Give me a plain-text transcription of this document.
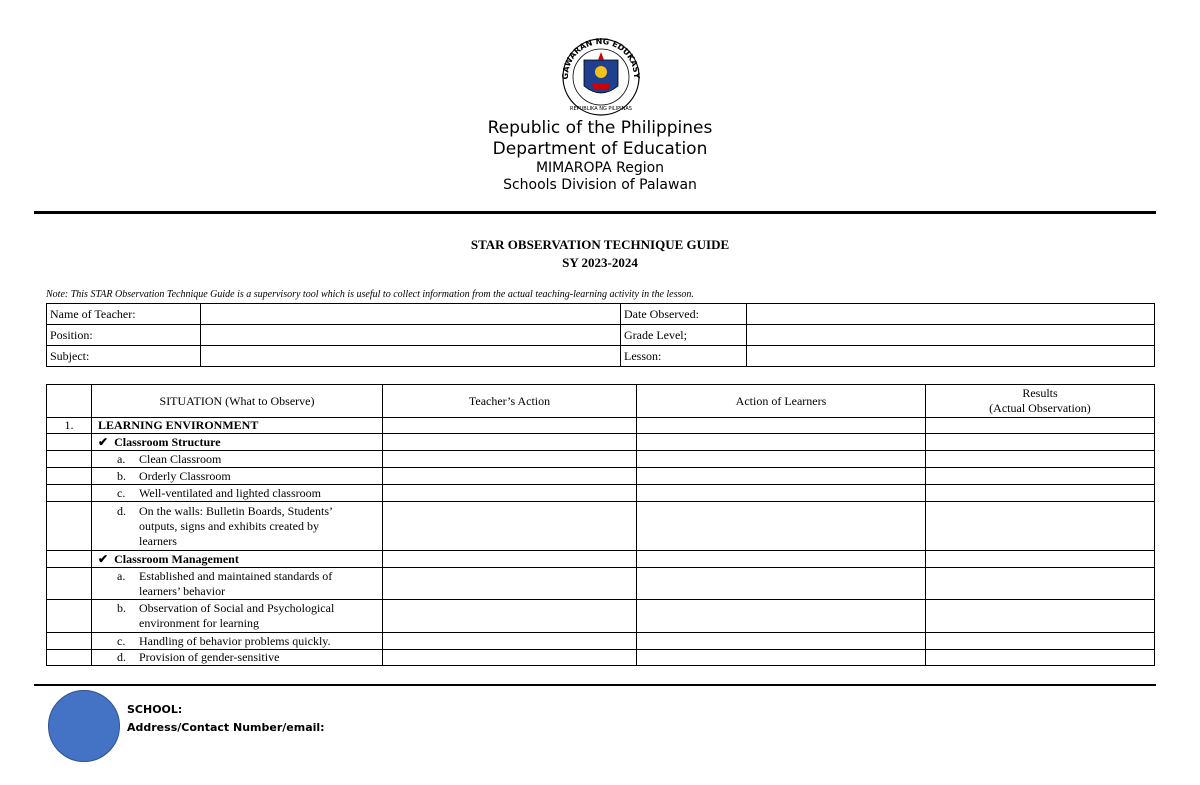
GAWARAN NG EDUKASY
REPUBLIKA NG PILIPINAS
Republic of the Philippines
Department of Education
MIMAROPA Region
Schools Division of Palawan
STAR OBSERVATION TECHNIQUE GUIDE
SY 2023-2024
Note: This STAR Observation Technique Guide is a supervisory tool which is useful to collect information from the actual teaching-learning activity in the lesson.
Name of Teacher:		Date Observed:	
Position:		Grade Level;	
Subject:		Lesson:	
	SITUATION (What to Observe)	Teacher’s Action	Action of Learners	Results
(Actual Observation)

1.	LEARNING ENVIRONMENT			
	✔ Classroom Structure			
	a. Clean Classroom			
	b. Orderly Classroom			
	c. Well-ventilated and lighted classroom			
	d. On the walls: Bulletin Boards, Students’ outputs, signs and exhibits created by learners			
	✔ Classroom Management			
	a. Established and maintained standards of learners’ behavior			
	b. Observation of Social and Psychological environment for learning			
	c. Handling of behavior problems quickly.			
	d. Provision of gender-sensitive			
SCHOOL:
Address/Contact Number/email:
